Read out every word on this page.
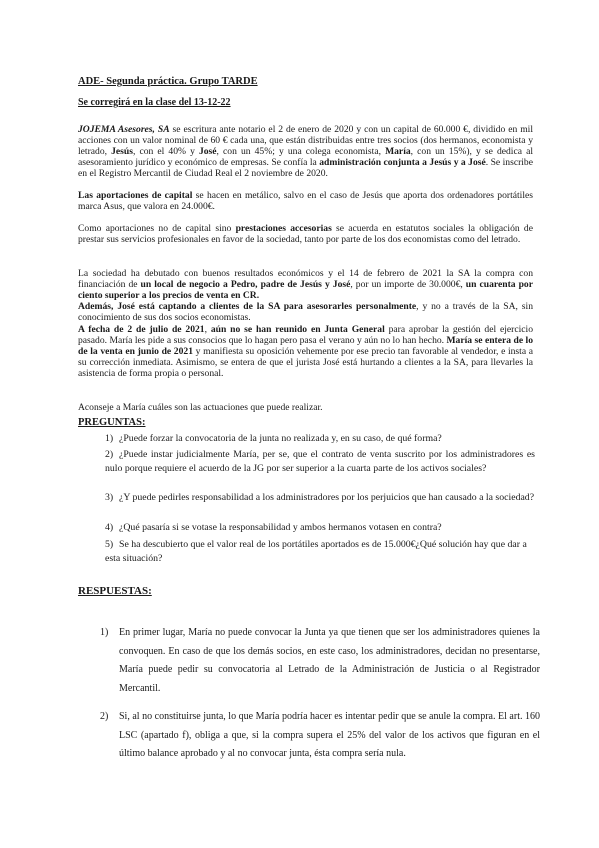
ADE- Segunda práctica. Grupo TARDE
Se corregirá en la clase del 13-12-22
JOJEMA Asesores, SA se escritura ante notario el 2 de enero de 2020 y con un capital de 60.000 €, dividido en mil acciones con un valor nominal de 60 € cada una, que están distribuidas entre tres socios (dos hermanos, economista y letrado, Jesús, con el 40% y José, con un 45%; y una colega economista, María, con un 15%), y se dedica al asesoramiento jurídico y económico de empresas. Se confía la administración conjunta a Jesús y a José. Se inscribe en el Registro Mercantil de Ciudad Real el 2 noviembre de 2020.
Las aportaciones de capital se hacen en metálico, salvo en el caso de Jesús que aporta dos ordenadores portátiles marca Asus, que valora en 24.000€.
Como aportaciones no de capital sino prestaciones accesorias se acuerda en estatutos sociales la obligación de prestar sus servicios profesionales en favor de la sociedad, tanto por parte de los dos economistas como del letrado.
La sociedad ha debutado con buenos resultados económicos y el 14 de febrero de 2021 la SA la compra con financiación de un local de negocio a Pedro, padre de Jesús y José, por un importe de 30.000€, un cuarenta por ciento superior a los precios de venta en CR.
Además, José está captando a clientes de la SA para asesorarles personalmente, y no a través de la SA, sin conocimiento de sus dos socios economistas.
A fecha de 2 de julio de 2021, aún no se han reunido en Junta General para aprobar la gestión del ejercicio pasado. María les pide a sus consocios que lo hagan pero pasa el verano y aún no lo han hecho. María se entera de lo de la venta en junio de 2021 y manifiesta su oposición vehemente por ese precio tan favorable al vendedor, e insta a su corrección inmediata. Asimismo, se entera de que el jurista José está hurtando a clientes a la SA, para llevarles la asistencia de forma propia o personal.
Aconseje a María cuáles son las actuaciones que puede realizar.
PREGUNTAS:
1) ¿Puede forzar la convocatoria de la junta no realizada y, en su caso, de qué forma?
2) ¿Puede instar judicialmente María, per se, que el contrato de venta suscrito por los administradores es nulo porque requiere el acuerdo de la JG por ser superior a la cuarta parte de los activos sociales?
3) ¿Y puede pedirles responsabilidad a los administradores por los perjuicios que han causado a la sociedad?
4) ¿Qué pasaría si se votase la responsabilidad y ambos hermanos votasen en contra?
5) Se ha descubierto que el valor real de los portátiles aportados es de 15.000€¿Qué solución hay que dar a esta situación?
RESPUESTAS:
1) En primer lugar, María no puede convocar la Junta ya que tienen que ser los administradores quienes la convoquen. En caso de que los demás socios, en este caso, los administradores, decidan no presentarse, María puede pedir su convocatoria al Letrado de la Administración de Justicia o al Registrador Mercantil.
2) Si, al no constituirse junta, lo que María podría hacer es intentar pedir que se anule la compra. El art. 160 LSC (apartado f), obliga a que, si la compra supera el 25% del valor de los activos que figuran en el último balance aprobado y al no convocar junta, ésta compra sería nula.
